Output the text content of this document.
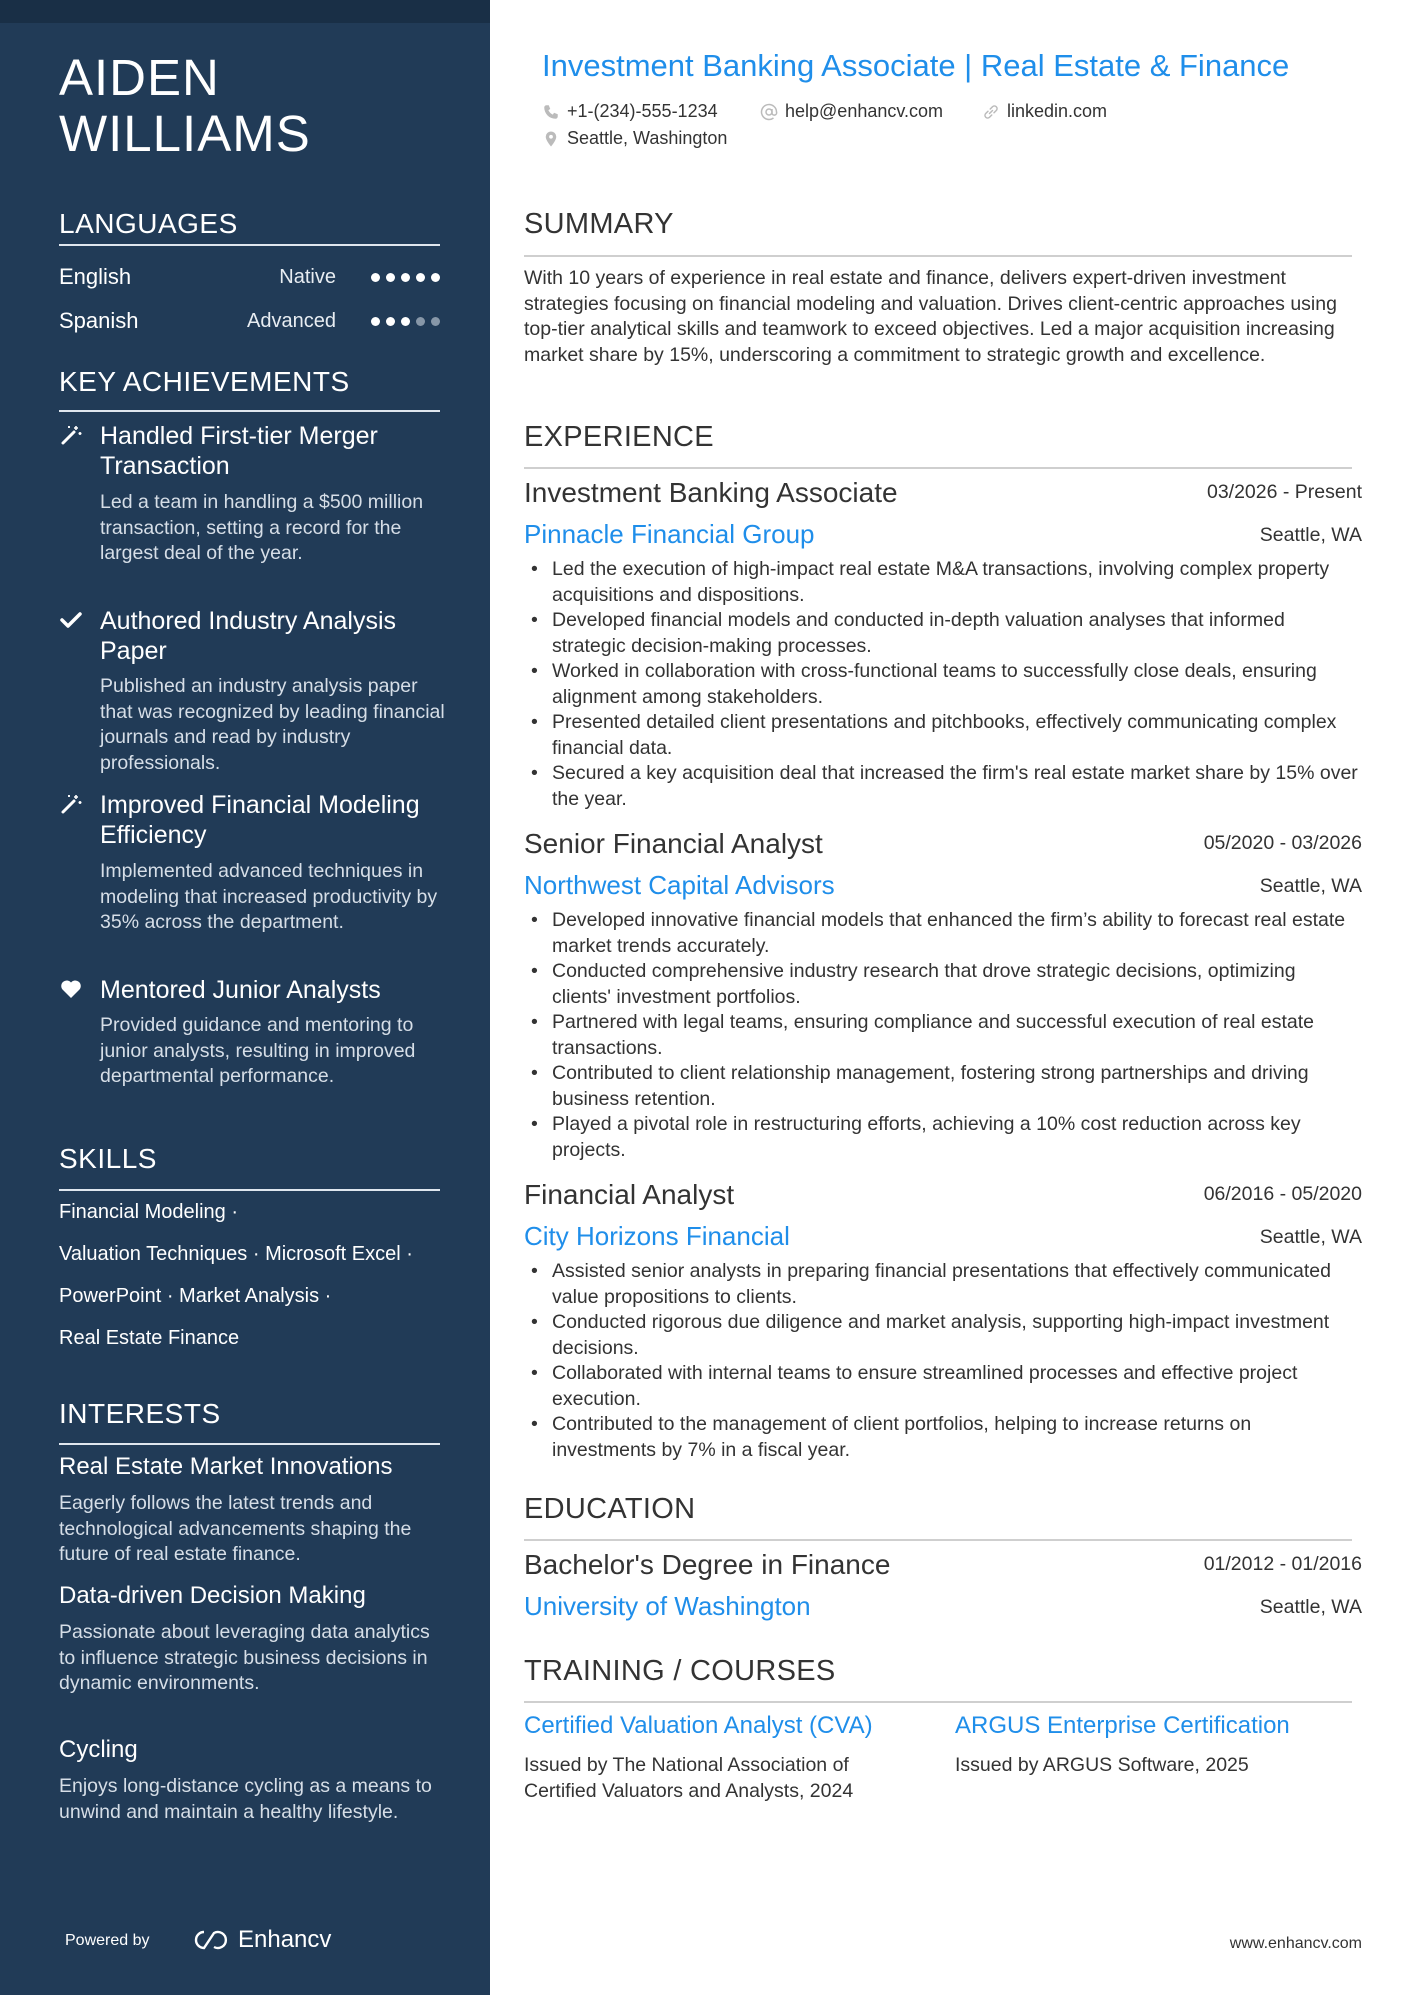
AIDEN
WILLIAMS
LANGUAGES
English	Native
Spanish	Advanced
KEY ACHIEVEMENTS
Handled First-tier Merger Transaction
Led a team in handling a $500 million transaction, setting a record for the largest deal of the year.
Authored Industry Analysis Paper
Published an industry analysis paper that was recognized by leading financial journals and read by industry professionals.
Improved Financial Modeling Efficiency
Implemented advanced techniques in modeling that increased productivity by 35% across the department.
Mentored Junior Analysts
Provided guidance and mentoring to junior analysts, resulting in improved departmental performance.
SKILLS
Financial Modeling ·
Valuation Techniques · Microsoft Excel ·
PowerPoint · Market Analysis ·
Real Estate Finance
INTERESTS
Real Estate Market Innovations
Eagerly follows the latest trends and technological advancements shaping the future of real estate finance.
Data-driven Decision Making
Passionate about leveraging data analytics to influence strategic business decisions in dynamic environments.
Cycling
Enjoys long-distance cycling as a means to unwind and maintain a healthy lifestyle.
Powered by	Enhancv
Investment Banking Associate | Real Estate & Finance
+1-(234)-555-1234	help@enhancv.com	linkedin.com
Seattle, Washington
SUMMARY
With 10 years of experience in real estate and finance, delivers expert-driven investment strategies focusing on financial modeling and valuation. Drives client-centric approaches using top-tier analytical skills and teamwork to exceed objectives. Led a major acquisition increasing market share by 15%, underscoring a commitment to strategic growth and excellence.
EXPERIENCE
Investment Banking Associate	03/2026 - Present
Pinnacle Financial Group	Seattle, WA
• Led the execution of high-impact real estate M&A transactions, involving complex property acquisitions and dispositions.
• Developed financial models and conducted in-depth valuation analyses that informed strategic decision-making processes.
• Worked in collaboration with cross-functional teams to successfully close deals, ensuring alignment among stakeholders.
• Presented detailed client presentations and pitchbooks, effectively communicating complex financial data.
• Secured a key acquisition deal that increased the firm's real estate market share by 15% over the year.
Senior Financial Analyst	05/2020 - 03/2026
Northwest Capital Advisors	Seattle, WA
• Developed innovative financial models that enhanced the firm’s ability to forecast real estate market trends accurately.
• Conducted comprehensive industry research that drove strategic decisions, optimizing clients' investment portfolios.
• Partnered with legal teams, ensuring compliance and successful execution of real estate transactions.
• Contributed to client relationship management, fostering strong partnerships and driving business retention.
• Played a pivotal role in restructuring efforts, achieving a 10% cost reduction across key projects.
Financial Analyst	06/2016 - 05/2020
City Horizons Financial	Seattle, WA
• Assisted senior analysts in preparing financial presentations that effectively communicated value propositions to clients.
• Conducted rigorous due diligence and market analysis, supporting high-impact investment decisions.
• Collaborated with internal teams to ensure streamlined processes and effective project execution.
• Contributed to the management of client portfolios, helping to increase returns on investments by 7% in a fiscal year.
EDUCATION
Bachelor's Degree in Finance	01/2012 - 01/2016
University of Washington	Seattle, WA
TRAINING / COURSES
Certified Valuation Analyst (CVA)
Issued by The National Association of Certified Valuators and Analysts, 2024
ARGUS Enterprise Certification
Issued by ARGUS Software, 2025
www.enhancv.com
